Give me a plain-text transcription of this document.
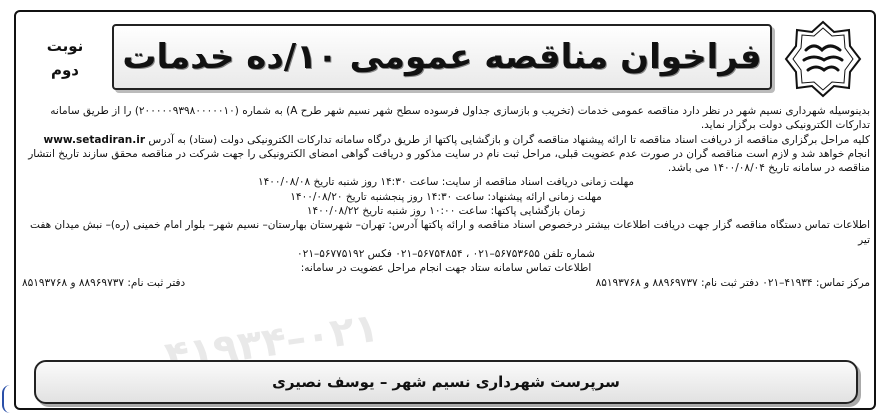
فراخوان مناقصه عمومی ۱۰/ده خدمات
نوبت
دوم
بدینوسیله شهرداری نسیم شهر در نظر دارد مناقصه عمومی خدمات (تخریب و بازسازی جداول فرسوده سطح شهر نسیم شهر طرح A) به شماره (۲۰۰۰۰۰۹۳۹۸۰۰۰۰۰۱۰) را از طریق سامانه تدارکات الکترونیکی دولت برگزار نماید.
کلیه مراحل برگزاری مناقصه از دریافت اسناد مناقصه تا ارائه پیشنهاد مناقصه گران و بازگشایی پاکتها از طریق درگاه سامانه تدارکات الکترونیکی دولت (ستاد) به آدرس www.setadiran.ir انجام خواهد شد و لازم است مناقصه گران در صورت عدم عضویت قبلی، مراحل ثبت نام در سایت مذکور و دریافت گواهی امضای الکترونیکی را جهت شرکت در مناقصه محقق سازند تاریخ انتشار مناقصه در سامانه تاریخ ۱۴۰۰/۰۸/۰۴ می باشد.
مهلت زمانی دریافت اسناد مناقصه از سایت: ساعت ۱۴:۳۰ روز شنبه تاریخ ۱۴۰۰/۰۸/۰۸
مهلت زمانی ارائه پیشنهاد: ساعت ۱۴:۳۰ روز پنجشنبه تاریخ ۱۴۰۰/۰۸/۲۰
زمان بازگشایی پاکتها: ساعت ۱۰:۰۰ روز شنبه تاریخ ۱۴۰۰/۰۸/۲۲
اطلاعات تماس دستگاه مناقصه گزار جهت دریافت اطلاعات بیشتر درخصوص اسناد مناقصه و ارائه پاکتها آدرس: تهران– شهرستان بهارستان– نسیم شهر– بلوار امام خمینی (ره)– نبش میدان هفت تیر
شماره تلفن ۵۶۷۵۳۶۵۵–۰۲۱ ، ۵۶۷۵۴۸۵۴–۰۲۱ فکس ۵۶۷۷۵۱۹۲–۰۲۱
اطلاعات تماس سامانه ستاد جهت انجام مراحل عضویت در سامانه:
مرکز تماس: ۴۱۹۳۴–۰۲۱ دفتر ثبت نام: ۸۸۹۶۹۷۳۷ و ۸۵۱۹۳۷۶۸
دفتر ثبت نام: ۸۸۹۶۹۷۳۷ و ۸۵۱۹۳۷۶۸
۴۱۹۳۴–۰۲۱
سرپرست شهرداری نسیم شهر – یوسف نصیری
